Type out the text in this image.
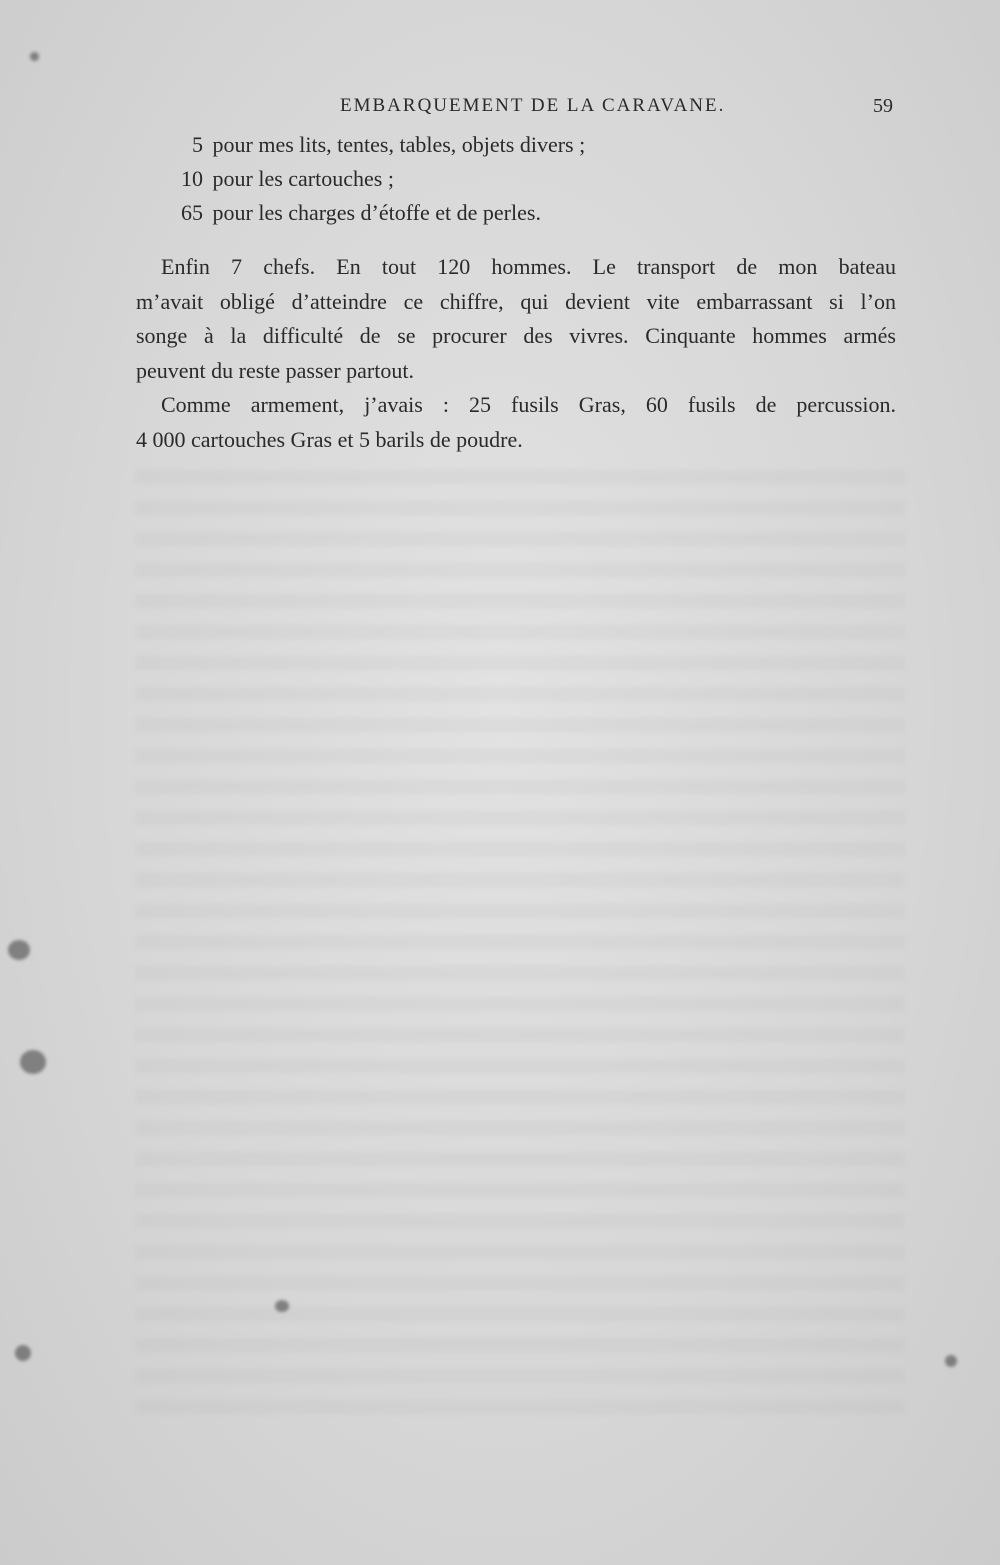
EMBARQUEMENT DE LA CARAVANE.	59
5 pour mes lits, tentes, tables, objets divers ;
10 pour les cartouches ;
65 pour les charges d’étoffe et de perles.
Enfin 7 chefs. En tout 120 hommes. Le transport de mon bateau
m’avait obligé d’atteindre ce chiffre, qui devient vite embarrassant si l’on
songe à la difficulté de se procurer des vivres. Cinquante hommes armés
peuvent du reste passer partout.
Comme armement, j’avais : 25 fusils Gras, 60 fusils de percussion.
4 000 cartouches Gras et 5 barils de poudre.
